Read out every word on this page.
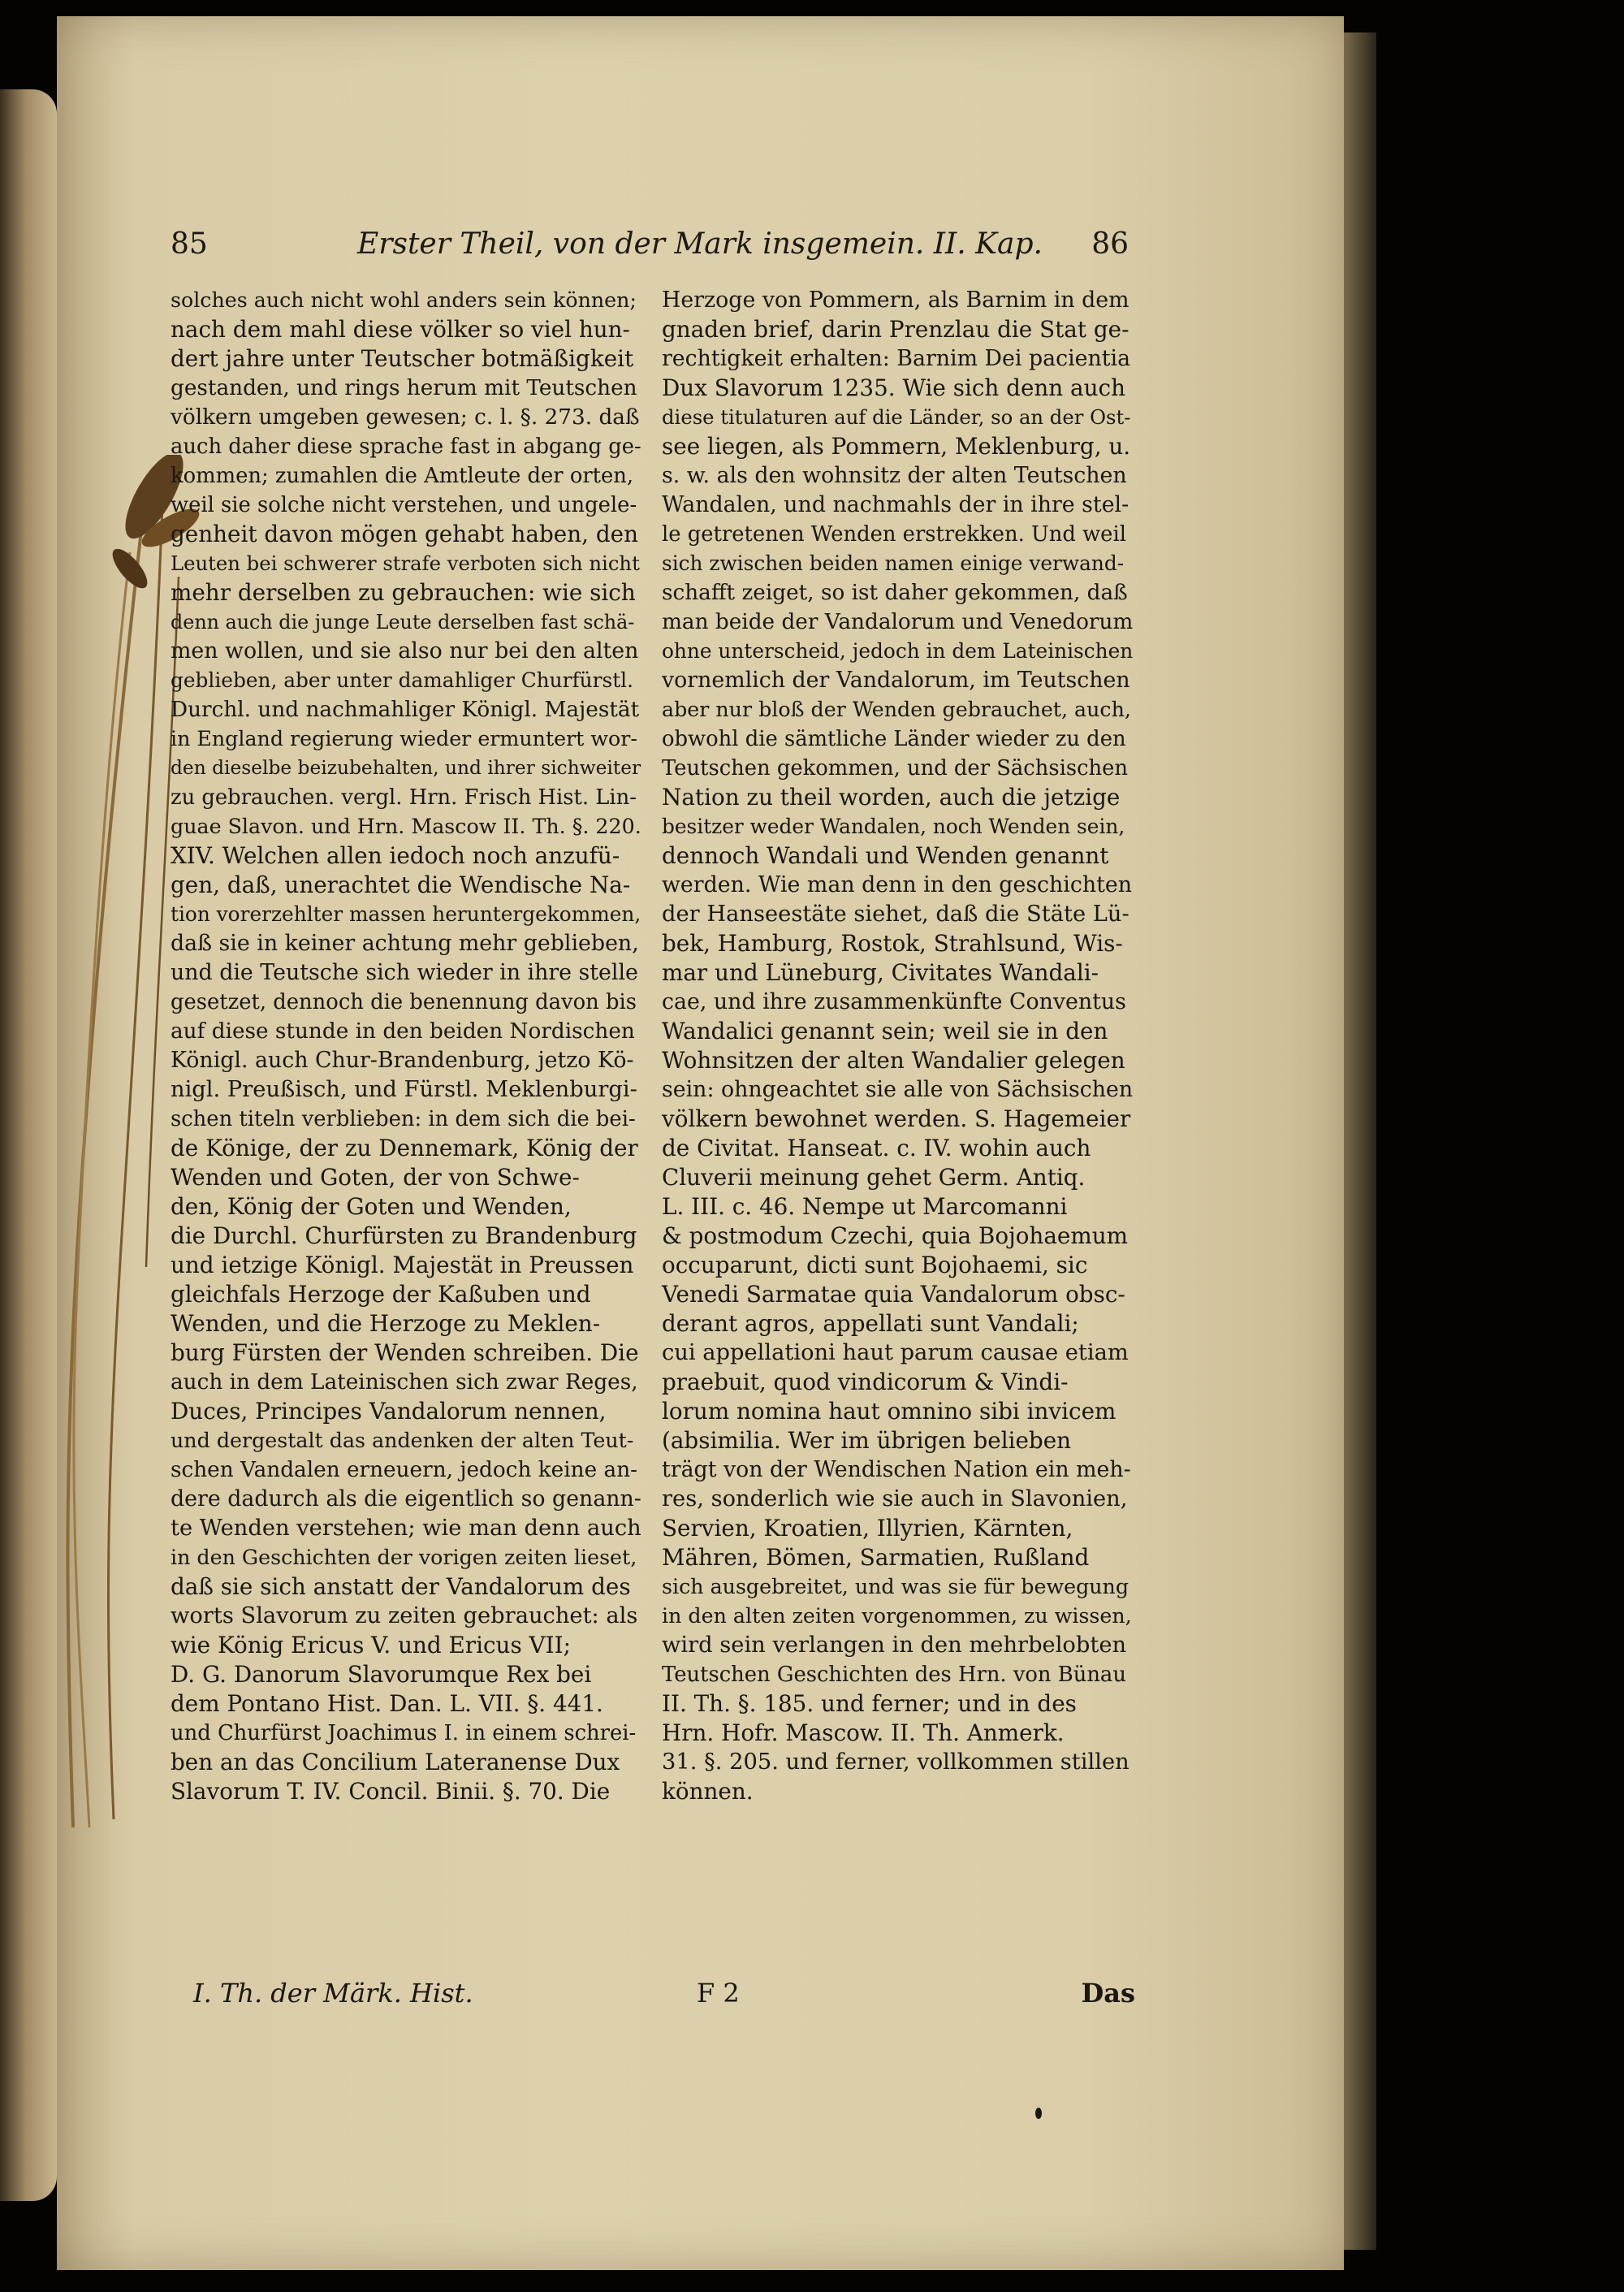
85	Erster Theil, von der Mark insgemein. II. Kap. 86
solches auch nicht wohl anders sein können;
nach dem mahl diese völker so viel hun-
dert jahre unter Teutscher botmäßigkeit
gestanden, und rings herum mit Teutschen
völkern umgeben gewesen; c. l. §. 273. daß
auch daher diese sprache fast in abgang ge-
kommen; zumahlen die Amtleute der orten,
weil sie solche nicht verstehen, und ungele-
genheit davon mögen gehabt haben, den
Leuten bei schwerer strafe verboten sich nicht
mehr derselben zu gebrauchen: wie sich
denn auch die junge Leute derselben fast schä-
men wollen, und sie also nur bei den alten
geblieben, aber unter damahliger Churfürstl.
Durchl. und nachmahliger Königl. Majestät
in England regierung wieder ermuntert wor-
den dieselbe beizubehalten, und ihrer sichweiter
zu gebrauchen. vergl. Hrn. Frisch Hist. Lin-
guae Slavon. und Hrn. Mascow II. Th. §. 220.
XIV. Welchen allen iedoch noch anzufü-
gen, daß, unerachtet die Wendische Na-
tion vorerzehlter massen heruntergekommen,
daß sie in keiner achtung mehr geblieben,
und die Teutsche sich wieder in ihre stelle
gesetzet, dennoch die benennung davon bis
auf diese stunde in den beiden Nordischen
Königl. auch Chur-Brandenburg, jetzo Kö-
nigl. Preußisch, und Fürstl. Meklenburgi-
schen titeln verblieben: in dem sich die bei-
de Könige, der zu Dennemark, König der
Wenden und Goten, der von Schwe-
den, König der Goten und Wenden,
die Durchl. Churfürsten zu Brandenburg
und ietzige Königl. Majestät in Preussen
gleichfals Herzoge der Kaßuben und
Wenden, und die Herzoge zu Meklen-
burg Fürsten der Wenden schreiben. Die
auch in dem Lateinischen sich zwar Reges,
Duces, Principes Vandalorum nennen,
und dergestalt das andenken der alten Teut-
schen Vandalen erneuern, jedoch keine an-
dere dadurch als die eigentlich so genann-
te Wenden verstehen; wie man denn auch
in den Geschichten der vorigen zeiten lieset,
daß sie sich anstatt der Vandalorum des
worts Slavorum zu zeiten gebrauchet: als
wie König Ericus V. und Ericus VII;
D. G. Danorum Slavorumque Rex bei
dem Pontano Hist. Dan. L. VII. §. 441.
und Churfürst Joachimus I. in einem schrei-
ben an das Concilium Lateranense Dux
Slavorum T. IV. Concil. Binii. §. 70. Die
Herzoge von Pommern, als Barnim in dem
gnaden brief, darin Prenzlau die Stat ge-
rechtigkeit erhalten: Barnim Dei pacientia
Dux Slavorum 1235. Wie sich denn auch
diese titulaturen auf die Länder, so an der Ost-
see liegen, als Pommern, Meklenburg, u.
s. w. als den wohnsitz der alten Teutschen
Wandalen, und nachmahls der in ihre stel-
le getretenen Wenden erstrekken. Und weil
sich zwischen beiden namen einige verwand-
schafft zeiget, so ist daher gekommen, daß
man beide der Vandalorum und Venedorum
ohne unterscheid, jedoch in dem Lateinischen
vornemlich der Vandalorum, im Teutschen
aber nur bloß der Wenden gebrauchet, auch,
obwohl die sämtliche Länder wieder zu den
Teutschen gekommen, und der Sächsischen
Nation zu theil worden, auch die jetzige
besitzer weder Wandalen, noch Wenden sein,
dennoch Wandali und Wenden genannt
werden. Wie man denn in den geschichten
der Hanseestäte siehet, daß die Stäte Lü-
bek, Hamburg, Rostok, Strahlsund, Wis-
mar und Lüneburg, Civitates Wandali-
cae, und ihre zusammenkünfte Conventus
Wandalici genannt sein; weil sie in den
Wohnsitzen der alten Wandalier gelegen
sein: ohngeachtet sie alle von Sächsischen
völkern bewohnet werden. S. Hagemeier
de Civitat. Hanseat. c. IV. wohin auch
Cluverii meinung gehet Germ. Antiq.
L. III. c. 46. Nempe ut Marcomanni
& postmodum Czechi, quia Bojohaemum
occuparunt, dicti sunt Bojohaemi, sic
Venedi Sarmatae quia Vandalorum obsc-
derant agros, appellati sunt Vandali;
cui appellationi haut parum causae etiam
praebuit, quod vindicorum & Vindi-
lorum nomina haut omnino sibi invicem
(absimilia. Wer im übrigen belieben
trägt von der Wendischen Nation ein meh-
res, sonderlich wie sie auch in Slavonien,
Servien, Kroatien, Illyrien, Kärnten,
Mähren, Bömen, Sarmatien, Rußland
sich ausgebreitet, und was sie für bewegung
in den alten zeiten vorgenommen, zu wissen,
wird sein verlangen in den mehrbelobten
Teutschen Geschichten des Hrn. von Bünau
II. Th. §. 185. und ferner; und in des
Hrn. Hofr. Mascow. II. Th. Anmerk.
31. §. 205. und ferner, vollkommen stillen
können.
I. Th. der Märk. Hist.	F 2	Das
